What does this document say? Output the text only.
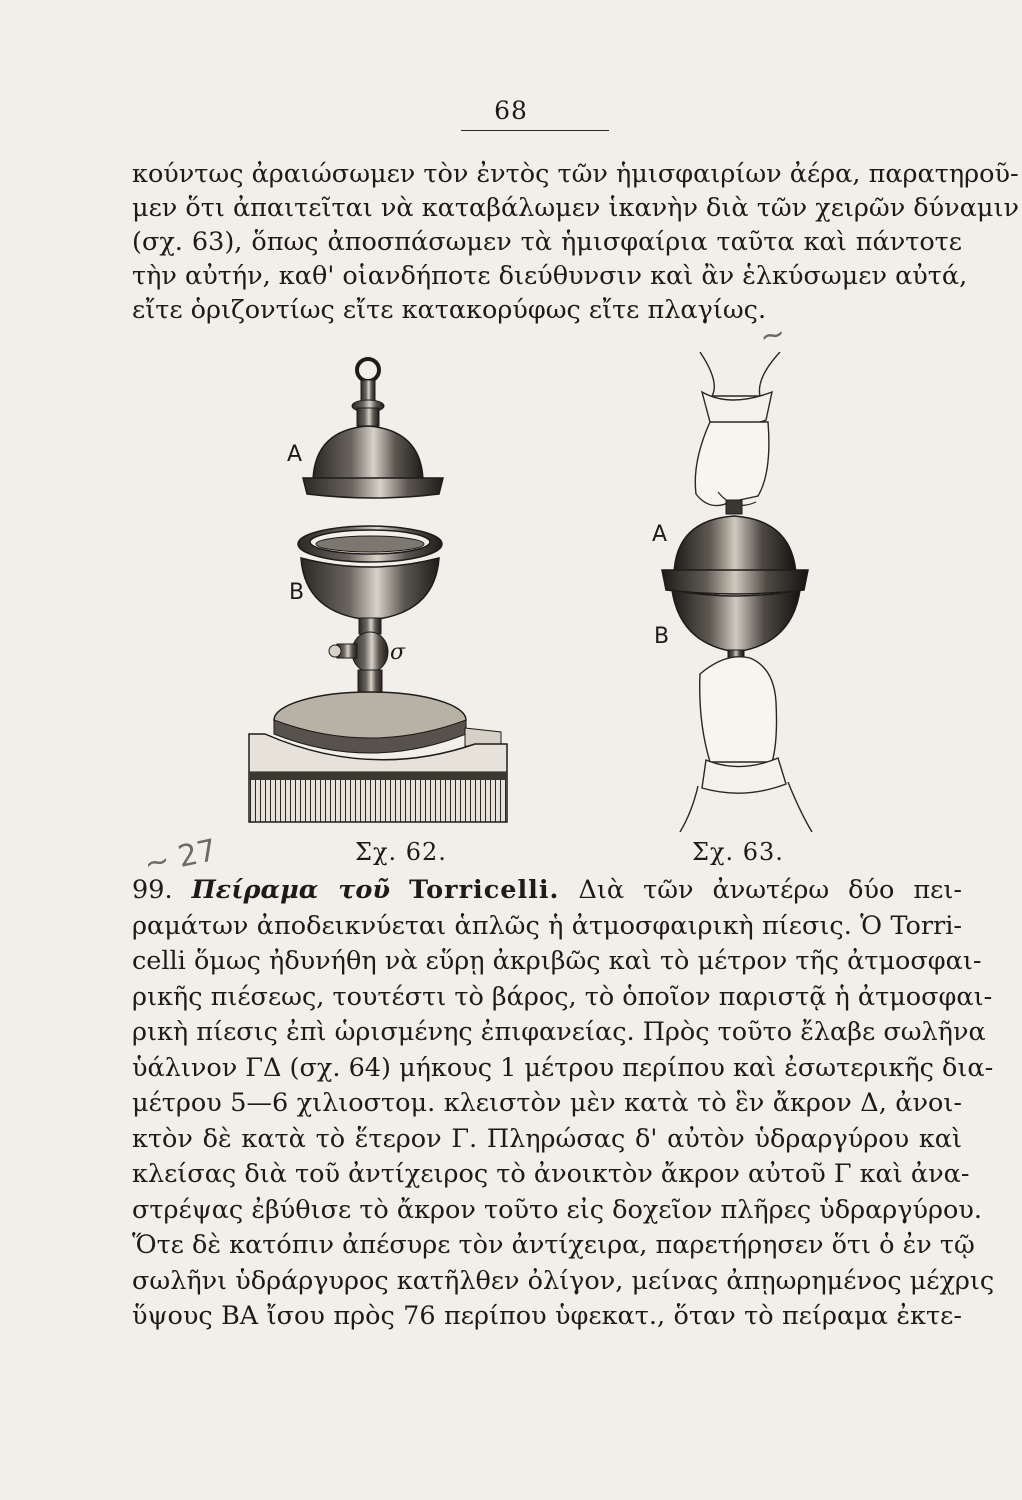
68
κούντως ἀραιώσωμεν τὸν ἐντὸς τῶν ἡμισφαιρίων ἀέρα, παρατηροῦ-
μεν ὅτι ἀπαιτεῖται νὰ καταβάλωμεν ἱκανὴν διὰ τῶν χειρῶν δύναμιν
(σχ. 63), ὅπως ἀποσπάσωμεν τὰ ἡμισφαίρια ταῦτα καὶ πάντοτε
τὴν αὐτήν, καθ' οἱανδήποτε διεύθυνσιν καὶ ἂν ἑλκύσωμεν αὐτά,
εἴτε ὁριζοντίως εἴτε κατακορύφως εἴτε πλαγίως.
~
A
B
σ
Σχ. 62.
A
B
Σχ. 63.
~ 27
99. Πείραμα τοῦ Torricelli. Διὰ τῶν ἀνωτέρω δύο πει-
ραμάτων ἀποδεικνύεται ἁπλῶς ἡ ἀτμοσφαιρικὴ πίεσις. Ὁ Torri-
celli ὅμως ἠδυνήθη νὰ εὕρῃ ἀκριβῶς καὶ τὸ μέτρον τῆς ἀτμοσφαι-
ρικῆς πιέσεως, τουτέστι τὸ βάρος, τὸ ὁποῖον παριστᾷ ἡ ἀτμοσφαι-
ρικὴ πίεσις ἐπὶ ὡρισμένης ἐπιφανείας. Πρὸς τοῦτο ἔλαβε σωλῆνα
ὑάλινον ΓΔ (σχ. 64) μήκους 1 μέτρου περίπου καὶ ἐσωτερικῆς δια-
μέτρου 5—6 χιλιοστομ. κλειστὸν μὲν κατὰ τὸ ἓν ἄκρον Δ, ἀνοι-
κτὸν δὲ κατὰ τὸ ἕτερον Γ. Πληρώσας δ' αὐτὸν ὑδραργύρου καὶ
κλείσας διὰ τοῦ ἀντίχειρος τὸ ἀνοικτὸν ἄκρον αὐτοῦ Γ καὶ ἀνα-
στρέψας ἐβύθισε τὸ ἄκρον τοῦτο εἰς δοχεῖον πλῆρες ὑδραργύρου.
Ὅτε δὲ κατόπιν ἀπέσυρε τὸν ἀντίχειρα, παρετήρησεν ὅτι ὁ ἐν τῷ
σωλῆνι ὑδράργυρος κατῆλθεν ὀλίγον, μείνας ἀπῃωρημένος μέχρις
ὕψους ΒΑ ἴσου πρὸς 76 περίπου ὑφεκατ., ὅταν τὸ πείραμα ἐκτε-
